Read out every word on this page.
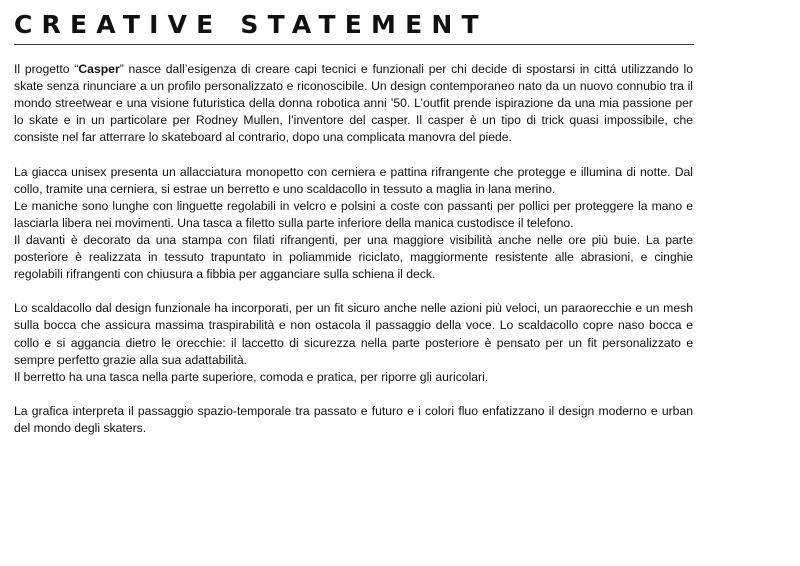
CREATIVE STATEMENT

Il progetto “Casper” nasce dall’esigenza di creare capi tecnici e funzionali per chi decide di spostarsi in cittá utilizzando lo skate senza rinunciare a un profilo personalizzato e riconoscibile. Un design contemporaneo nato da un nuovo connubio tra il mondo streetwear e una visione futuristica della donna robotica anni ’50. L’outfit prende ispirazione da una mia passione per lo skate e in un particolare per Rodney Mullen, l’inventore del casper. Il casper è un tipo di trick quasi impossibile, che consiste nel far atterrare lo skateboard al contrario, dopo una complicata manovra del piede.

La giacca unisex presenta un allacciatura monopetto con cerniera e pattina rifrangente che protegge e illumina di notte. Dal collo, tramite una cerniera, si estrae un berretto e uno scaldacollo in tessuto a maglia in lana merino.

Le maniche sono lunghe con linguette regolabili in velcro e polsini a coste con passanti per pollici per proteggere la mano e lasciarla libera nei movimenti. Una tasca a filetto sulla parte inferiore della manica custodisce il telefono.

Il davanti è decorato da una stampa con filati rifrangenti, per una maggiore visibilità anche nelle ore più buie. La parte posteriore è realizzata in tessuto trapuntato in poliammide riciclato, maggiormente resistente alle abrasioni, e cinghie regolabili rifrangenti con chiusura a fibbia per agganciare sulla schiena il deck.

Lo scaldacollo dal design funzionale ha incorporati, per un fit sicuro anche nelle azioni più veloci, un paraorecchie e un mesh sulla bocca che assicura massima traspirabilità e non ostacola il passaggio della voce. Lo scaldacollo copre naso bocca e collo e si aggancia dietro le orecchie: il laccetto di sicurezza nella parte posteriore è pensato per un fit personalizzato e sempre perfetto grazie alla sua adattabilità.

Il berretto ha una tasca nella parte superiore, comoda e pratica, per riporre gli auricolari.

La grafica interpreta il passaggio spazio-temporale tra passato e futuro e i colori fluo enfatizzano il design moderno e urban del mondo degli skaters.
